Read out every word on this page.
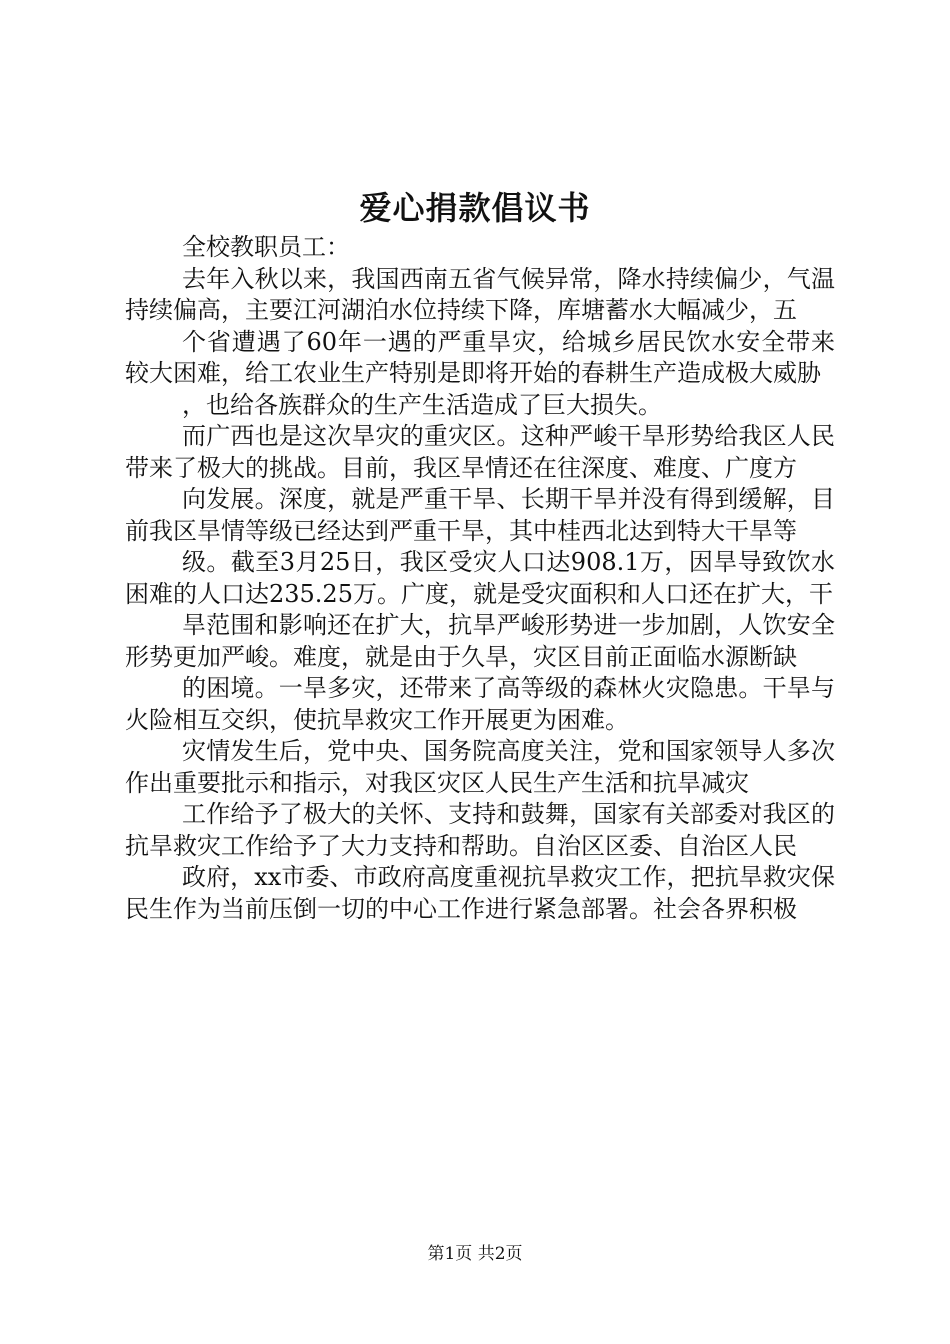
爱心捐款倡议书

全校教职员工：

去年入秋以来，我国西南五省气候异常，降水持续偏少，气温持续偏高，主要江河湖泊水位持续下降，库塘蓄水大幅减少，五

个省遭遇了60年一遇的严重旱灾，给城乡居民饮水安全带来较大困难，给工农业生产特别是即将开始的春耕生产造成极大威胁

，也给各族群众的生产生活造成了巨大损失。

而广西也是这次旱灾的重灾区。这种严峻干旱形势给我区人民带来了极大的挑战。目前，我区旱情还在往深度、难度、广度方

向发展。深度，就是严重干旱、长期干旱并没有得到缓解，目前我区旱情等级已经达到严重干旱，其中桂西北达到特大干旱等

级。截至3月25日，我区受灾人口达908.1万，因旱导致饮水困难的人口达235.25万。广度，就是受灾面积和人口还在扩大，干

旱范围和影响还在扩大，抗旱严峻形势进一步加剧，人饮安全形势更加严峻。难度，就是由于久旱，灾区目前正面临水源断缺

的困境。一旱多灾，还带来了高等级的森林火灾隐患。干旱与火险相互交织，使抗旱救灾工作开展更为困难。

灾情发生后，党中央、国务院高度关注，党和国家领导人多次作出重要批示和指示，对我区灾区人民生产生活和抗旱减灾

工作给予了极大的关怀、支持和鼓舞，国家有关部委对我区的抗旱救灾工作给予了大力支持和帮助。自治区区委、自治区人民

政府，xx市委、市政府高度重视抗旱救灾工作，把抗旱救灾保民生作为当前压倒一切的中心工作进行紧急部署。社会各界积极

第1页 共2页
